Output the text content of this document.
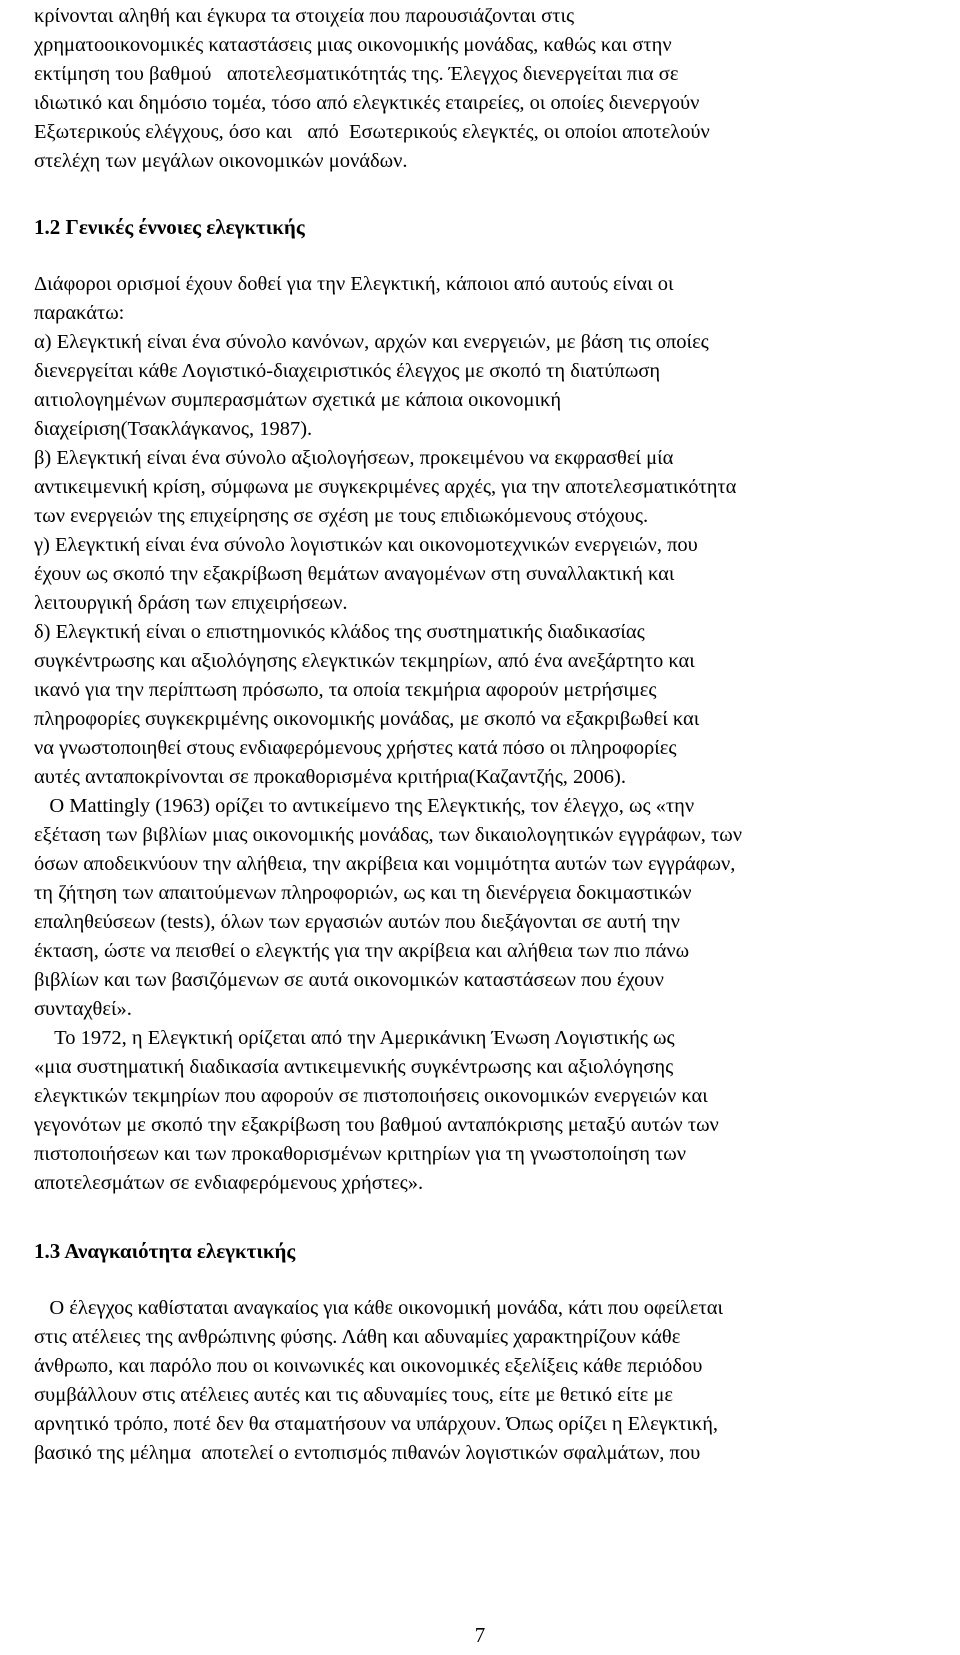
κρίνονται αληθή και έγκυρα τα στοιχεία που παρουσιάζονται στις
χρηματοοικονομικές καταστάσεις μιας οικονομικής μονάδας, καθώς και στην
εκτίμηση του βαθμού   αποτελεσματικότητάς της. Έλεγχος διενεργείται πια σε
ιδιωτικό και δημόσιο τομέα, τόσο από ελεγκτικές εταιρείες, οι οποίες διενεργούν
Εξωτερικούς ελέγχους, όσο και   από  Εσωτερικούς ελεγκτές, οι οποίοι αποτελούν
στελέχη των μεγάλων οικονομικών μονάδων.
1.2 Γενικές έννοιες ελεγκτικής
Διάφοροι ορισμοί έχουν δοθεί για την Ελεγκτική, κάποιοι από αυτούς είναι οι
παρακάτω:
α) Ελεγκτική είναι ένα σύνολο κανόνων, αρχών και ενεργειών, με βάση τις οποίες
διενεργείται κάθε Λογιστικό-διαχειριστικός έλεγχος με σκοπό τη διατύπωση
αιτιολογημένων συμπερασμάτων σχετικά με κάποια οικονομική
διαχείριση(Τσακλάγκανος, 1987).
β) Ελεγκτική είναι ένα σύνολο αξιολογήσεων, προκειμένου να εκφρασθεί μία
αντικειμενική κρίση, σύμφωνα με συγκεκριμένες αρχές, για την αποτελεσματικότητα
των ενεργειών της επιχείρησης σε σχέση με τους επιδιωκόμενους στόχους.
γ) Ελεγκτική είναι ένα σύνολο λογιστικών και οικονομοτεχνικών ενεργειών, που
έχουν ως σκοπό την εξακρίβωση θεμάτων αναγομένων στη συναλλακτική και
λειτουργική δράση των επιχειρήσεων.
δ) Ελεγκτική είναι ο επιστημονικός κλάδος της συστηματικής διαδικασίας
συγκέντρωσης και αξιολόγησης ελεγκτικών τεκμηρίων, από ένα ανεξάρτητο και
ικανό για την περίπτωση πρόσωπο, τα οποία τεκμήρια αφορούν μετρήσιμες
πληροφορίες συγκεκριμένης οικονομικής μονάδας, με σκοπό να εξακριβωθεί και
να γνωστοποιηθεί στους ενδιαφερόμενους χρήστες κατά πόσο οι πληροφορίες
αυτές ανταποκρίνονται σε προκαθορισμένα κριτήρια(Καζαντζής, 2006).
Ο Mattingly (1963) ορίζει το αντικείμενο της Ελεγκτικής, τον έλεγχο, ως «την
εξέταση των βιβλίων μιας οικονομικής μονάδας, των δικαιολογητικών εγγράφων, των
όσων αποδεικνύουν την αλήθεια, την ακρίβεια και νομιμότητα αυτών των εγγράφων,
τη ζήτηση των απαιτούμενων πληροφοριών, ως και τη διενέργεια δοκιμαστικών
επαληθεύσεων (tests), όλων των εργασιών αυτών που διεξάγονται σε αυτή την
έκταση, ώστε να πεισθεί ο ελεγκτής για την ακρίβεια και αλήθεια των πιο πάνω
βιβλίων και των βασιζόμενων σε αυτά οικονομικών καταστάσεων που έχουν
συνταχθεί».
Το 1972, η Ελεγκτική ορίζεται από την Αμερικάνικη Ένωση Λογιστικής ως
«μια συστηματική διαδικασία αντικειμενικής συγκέντρωσης και αξιολόγησης
ελεγκτικών τεκμηρίων που αφορούν σε πιστοποιήσεις οικονομικών ενεργειών και
γεγονότων με σκοπό την εξακρίβωση του βαθμού ανταπόκρισης μεταξύ αυτών των
πιστοποιήσεων και των προκαθορισμένων κριτηρίων για τη γνωστοποίηση των
αποτελεσμάτων σε ενδιαφερόμενους χρήστες».
1.3 Αναγκαιότητα ελεγκτικής
Ο έλεγχος καθίσταται αναγκαίος για κάθε οικονομική μονάδα, κάτι που οφείλεται
στις ατέλειες της ανθρώπινης φύσης. Λάθη και αδυναμίες χαρακτηρίζουν κάθε
άνθρωπο, και παρόλο που οι κοινωνικές και οικονομικές εξελίξεις κάθε περιόδου
συμβάλλουν στις ατέλειες αυτές και τις αδυναμίες τους, είτε με θετικό είτε με
αρνητικό τρόπο, ποτέ δεν θα σταματήσουν να υπάρχουν. Όπως ορίζει η Ελεγκτική,
βασικό της μέλημα  αποτελεί ο εντοπισμός πιθανών λογιστικών σφαλμάτων, που
7
